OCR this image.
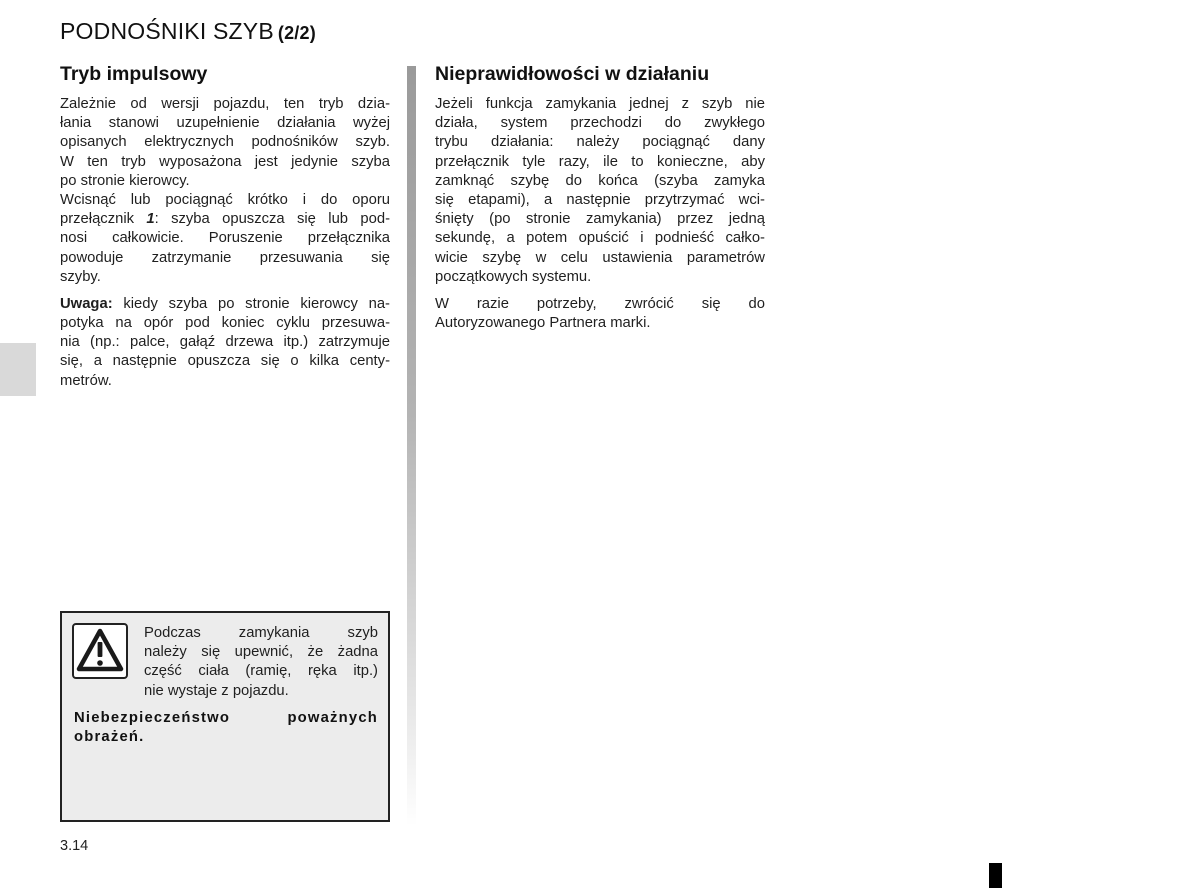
PODNOŚNIKI SZYB (2/2)
Tryb impulsowy
Zależnie od wersji pojazdu, ten tryb dzia-
łania stanowi uzupełnienie działania wyżej
opisanych elektrycznych podnośników szyb.
W ten tryb wyposażona jest jedynie szyba
po stronie kierowcy.
Wcisnąć lub pociągnąć krótko i do oporu
przełącznik 1: szyba opuszcza się lub pod-
nosi całkowicie. Poruszenie przełącznika
powoduje zatrzymanie przesuwania się
szyby.
Uwaga: kiedy szyba po stronie kierowcy na-
potyka na opór pod koniec cyklu przesuwa-
nia (np.: palce, gałąź drzewa itp.) zatrzymuje
się, a następnie opuszcza się o kilka centy-
metrów.
Podczas zamykania szyb
należy się upewnić, że żadna
część ciała (ramię, ręka itp.)
nie wystaje z pojazdu.
Niebezpieczeństwo poważnych
obrażeń.
Nieprawidłowości w działaniu
Jeżeli funkcja zamykania jednej z szyb nie
działa, system przechodzi do zwykłego
trybu działania: należy pociągnąć dany
przełącznik tyle razy, ile to konieczne, aby
zamknąć szybę do końca (szyba zamyka
się etapami), a następnie przytrzymać wci-
śnięty (po stronie zamykania) przez jedną
sekundę, a potem opuścić i podnieść całko-
wicie szybę w celu ustawienia parametrów
początkowych systemu.
W razie potrzeby, zwrócić się do
Autoryzowanego Partnera marki.
3.14
